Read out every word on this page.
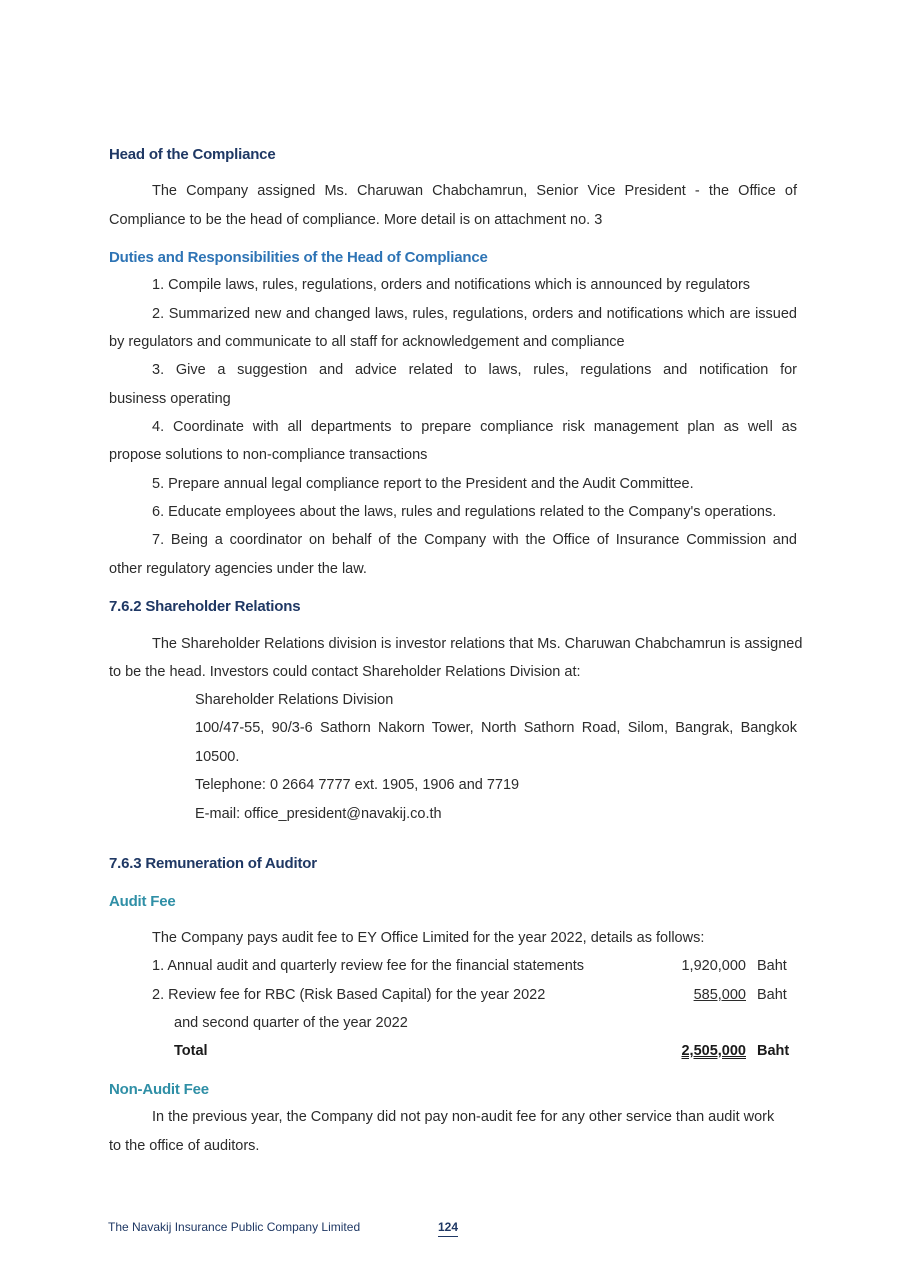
Head of the Compliance
The Company assigned Ms. Charuwan Chabchamrun, Senior Vice President - the Office of
Compliance to be the head of compliance. More detail is on attachment no. 3
Duties and Responsibilities of the Head of Compliance
1. Compile laws, rules, regulations, orders and notifications which is announced by regulators
2. Summarized new and changed laws, rules, regulations, orders and notifications which are issued
by regulators and communicate to all staff for acknowledgement and compliance
3. Give a suggestion and advice related to laws, rules, regulations and notification for
business operating
4. Coordinate with all departments to prepare compliance risk management plan as well as
propose solutions to non-compliance transactions
5. Prepare annual legal compliance report to the President and the Audit Committee.
6. Educate employees about the laws, rules and regulations related to the Company's operations.
7. Being a coordinator on behalf of the Company with the Office of Insurance Commission and
other regulatory agencies under the law.
7.6.2 Shareholder Relations
The Shareholder Relations division is investor relations that Ms. Charuwan Chabchamrun is assigned
to be the head. Investors could contact Shareholder Relations Division at:
Shareholder Relations Division
100/47-55, 90/3-6 Sathorn Nakorn Tower, North Sathorn Road, Silom, Bangrak, Bangkok
10500.
Telephone: 0 2664 7777 ext. 1905, 1906 and 7719
E-mail: office_president@navakij.co.th
7.6.3 Remuneration of Auditor
Audit Fee
The Company pays audit fee to EY Office Limited for the year 2022, details as follows:
1. Annual audit and quarterly review fee for the financial statements	1,920,000 Baht
2. Review fee for RBC (Risk Based Capital) for the year 2022	585,000 Baht
and second quarter of the year 2022
Total	2,505,000 Baht
Non-Audit Fee
In the previous year, the Company did not pay non-audit fee for any other service than audit work
to the office of auditors.
The Navakij Insurance Public Company Limited	124
